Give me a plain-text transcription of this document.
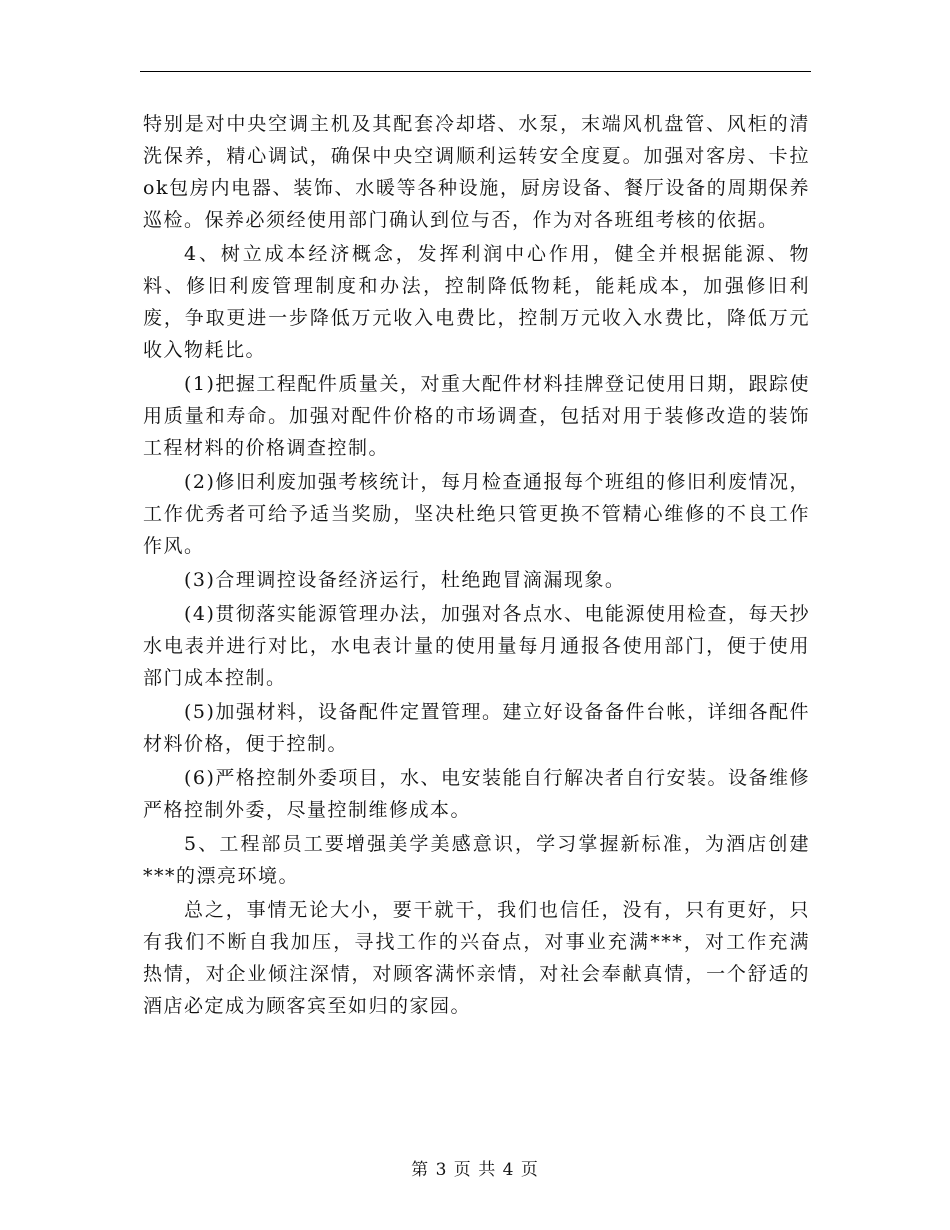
特别是对中央空调主机及其配套冷却塔、水泵，末端风机盘管、风柜的清洗保养，精心调试，确保中央空调顺利运转安全度夏。加强对客房、卡拉ok包房内电器、装饰、水暖等各种设施，厨房设备、餐厅设备的周期保养巡检。保养必须经使用部门确认到位与否，作为对各班组考核的依据。

4、树立成本经济概念，发挥利润中心作用，健全并根据能源、物料、修旧利废管理制度和办法，控制降低物耗，能耗成本，加强修旧利废，争取更进一步降低万元收入电费比，控制万元收入水费比，降低万元收入物耗比。

(1)把握工程配件质量关，对重大配件材料挂牌登记使用日期，跟踪使用质量和寿命。加强对配件价格的市场调查，包括对用于装修改造的装饰工程材料的价格调查控制。

(2)修旧利废加强考核统计，每月检查通报每个班组的修旧利废情况，工作优秀者可给予适当奖励，坚决杜绝只管更换不管精心维修的不良工作作风。

(3)合理调控设备经济运行，杜绝跑冒滴漏现象。

(4)贯彻落实能源管理办法，加强对各点水、电能源使用检查，每天抄水电表并进行对比，水电表计量的使用量每月通报各使用部门，便于使用部门成本控制。

(5)加强材料，设备配件定置管理。建立好设备备件台帐，详细各配件材料价格，便于控制。

(6)严格控制外委项目，水、电安装能自行解决者自行安装。设备维修严格控制外委，尽量控制维修成本。

5、工程部员工要增强美学美感意识，学习掌握新标准，为酒店创建***的漂亮环境。

总之，事情无论大小，要干就干，我们也信任，没有，只有更好，只有我们不断自我加压，寻找工作的兴奋点，对事业充满***，对工作充满热情，对企业倾注深情，对顾客满怀亲情，对社会奉献真情，一个舒适的酒店必定成为顾客宾至如归的家园。

第 3 页 共 4 页
